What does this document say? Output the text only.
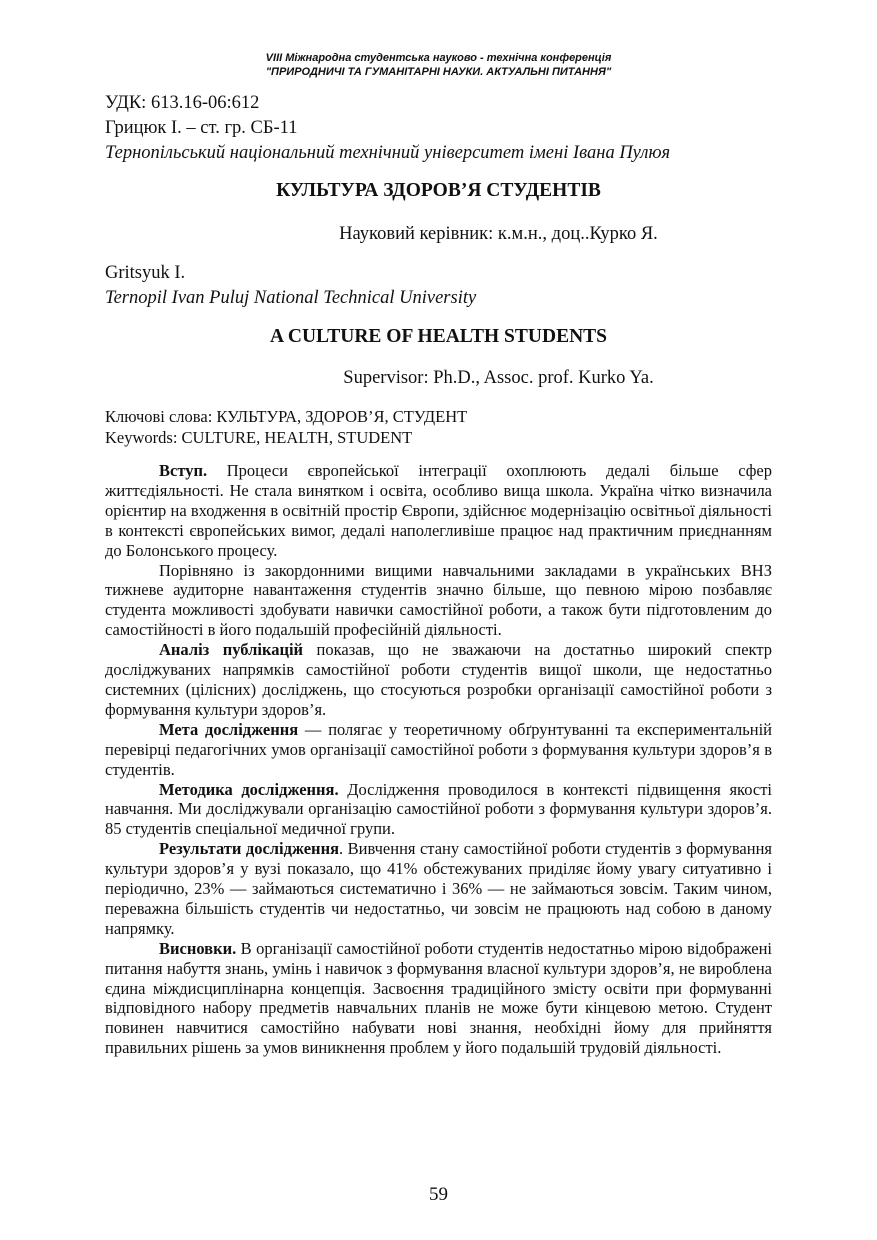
VIII Міжнародна студентська науково - технічна конференція
"ПРИРОДНИЧІ ТА ГУМАНІТАРНІ НАУКИ. АКТУАЛЬНІ ПИТАННЯ"
УДК: 613.16-06:612
Грицюк І. – ст. гр. СБ-11
Тернопільський національний технічний університет імені Івана Пулюя
КУЛЬТУРА ЗДОРОВ’Я СТУДЕНТІВ
Науковий керівник: к.м.н., доц..Курко Я.
Gritsyuk I.
Ternopil Ivan Puluj National Technical University
A CULTURE OF HEALTH STUDENTS
Supervisor: Ph.D., Assoc. prof. Kurko Ya.
Ключові слова: КУЛЬТУРА, ЗДОРОВ’Я, СТУДЕНТ
Keywords: CULTURE, HEALTH, STUDENT

Вступ. Процеси європейської інтеграції охоплюють дедалі більше сфер життєдіяльності. Не стала винятком і освіта, особливо вища школа. Україна чітко визначила орієнтир на входження в освітній простір Європи, здійснює модернізацію освітньої діяльності в контексті європейських вимог, дедалі наполегливіше працює над практичним приєднанням до Болонського процесу.

Порівняно із закордонними вищими навчальними закладами в українських ВНЗ тижневе аудиторне навантаження студентів значно більше, що певною мірою позбавляє студента можливості здобувати навички самостійної роботи, а також бути підготовленим до самостійності в його подальшій професійній діяльності.

Аналіз публікацій показав, що не зважаючи на достатньо широкий спектр досліджуваних напрямків самостійної роботи студентів вищої школи, ще недостатньо системних (цілісних) досліджень, що стосуються розробки організації самостійної роботи з формування культури здоров’я.

Мета дослідження — полягає у теоретичному обґрунтуванні та експериментальній перевірці педагогічних умов організації самостійної роботи з формування культури здоров’я в студентів.

Методика дослідження. Дослідження проводилося в контексті підвищення якості навчання. Ми досліджували організацію самостійної роботи з формування культури здоров’я. 85 студентів спеціальної медичної групи.

Результати дослідження. Вивчення стану самостійної роботи студентів з формування культури здоров’я у вузі показало, що 41% обстежуваних приділяє йому увагу ситуативно і періодично, 23% — займаються систематично і 36% — не займаються зовсім. Таким чином, переважна більшість студентів чи недостатньо, чи зовсім не працюють над собою в даному напрямку.

Висновки. В організації самостійної роботи студентів недостатньо мірою відображені питання набуття знань, умінь і навичок з формування власної культури здоров’я, не вироблена єдина міждисциплінарна концепція. Засвоєння традиційного змісту освіти при формуванні відповідного набору предметів навчальних планів не може бути кінцевою метою. Студент повинен навчитися самостійно набувати нові знання, необхідні йому для прийняття правильних рішень за умов виникнення проблем у його подальшій трудовій діяльності.

59
